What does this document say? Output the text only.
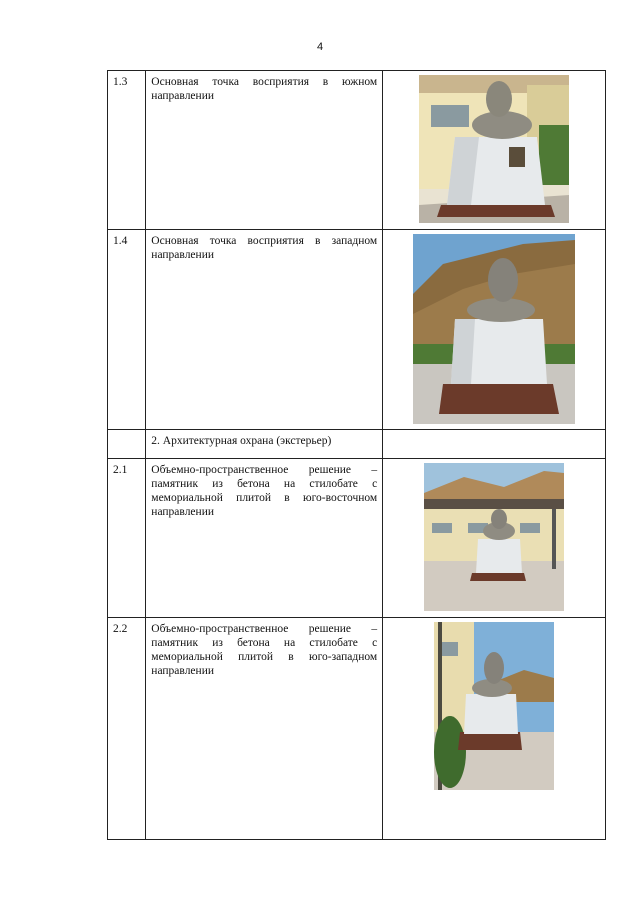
4
1.3	Основная точка восприятия в южном направлении	

1.4	Основная точка восприятия в западном направлении	

	2. Архитектурная охрана (экстерьер)	
2.1	Объемно-пространственное решение – памятник из бетона на стилобате с мемориальной плитой в юго-восточном направлении	

2.2	Объемно-пространственное решение – памятник из бетона на стилобате с мемориальной плитой в юго-западном направлении	
